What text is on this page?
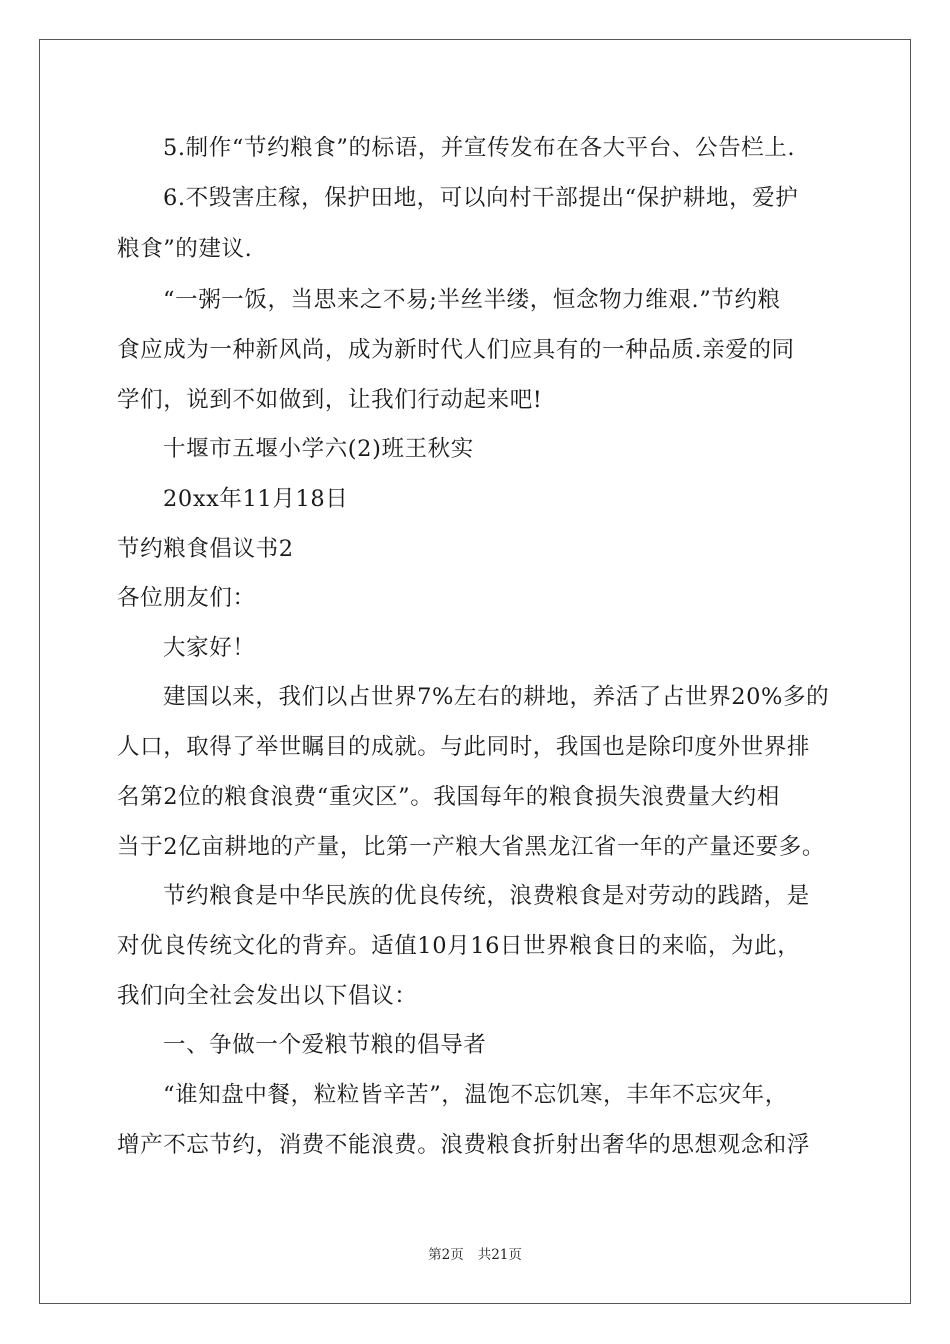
5.制作“节约粮食”的标语，并宣传发布在各大平台、公告栏上.
6.不毁害庄稼，保护田地，可以向村干部提出“保护耕地，爱护
粮食”的建议.
“一粥一饭，当思来之不易;半丝半缕，恒念物力维艰.”节约粮
食应成为一种新风尚，成为新时代人们应具有的一种品质.亲爱的同
学们，说到不如做到，让我们行动起来吧!
十堰市五堰小学六(2)班王秋实
20xx年11月18日
节约粮食倡议书2
各位朋友们：
大家好！
建国以来，我们以占世界7%左右的耕地，养活了占世界20%多的
人口，取得了举世瞩目的成就。与此同时，我国也是除印度外世界排
名第2位的粮食浪费“重灾区”。我国每年的粮食损失浪费量大约相
当于2亿亩耕地的产量，比第一产粮大省黑龙江省一年的产量还要多。
节约粮食是中华民族的优良传统，浪费粮食是对劳动的践踏，是
对优良传统文化的背弃。适值10月16日世界粮食日的来临，为此，
我们向全社会发出以下倡议：
一、争做一个爱粮节粮的倡导者
“谁知盘中餐，粒粒皆辛苦”，温饱不忘饥寒，丰年不忘灾年，
增产不忘节约，消费不能浪费。浪费粮食折射出奢华的思想观念和浮
第2页 共21页
